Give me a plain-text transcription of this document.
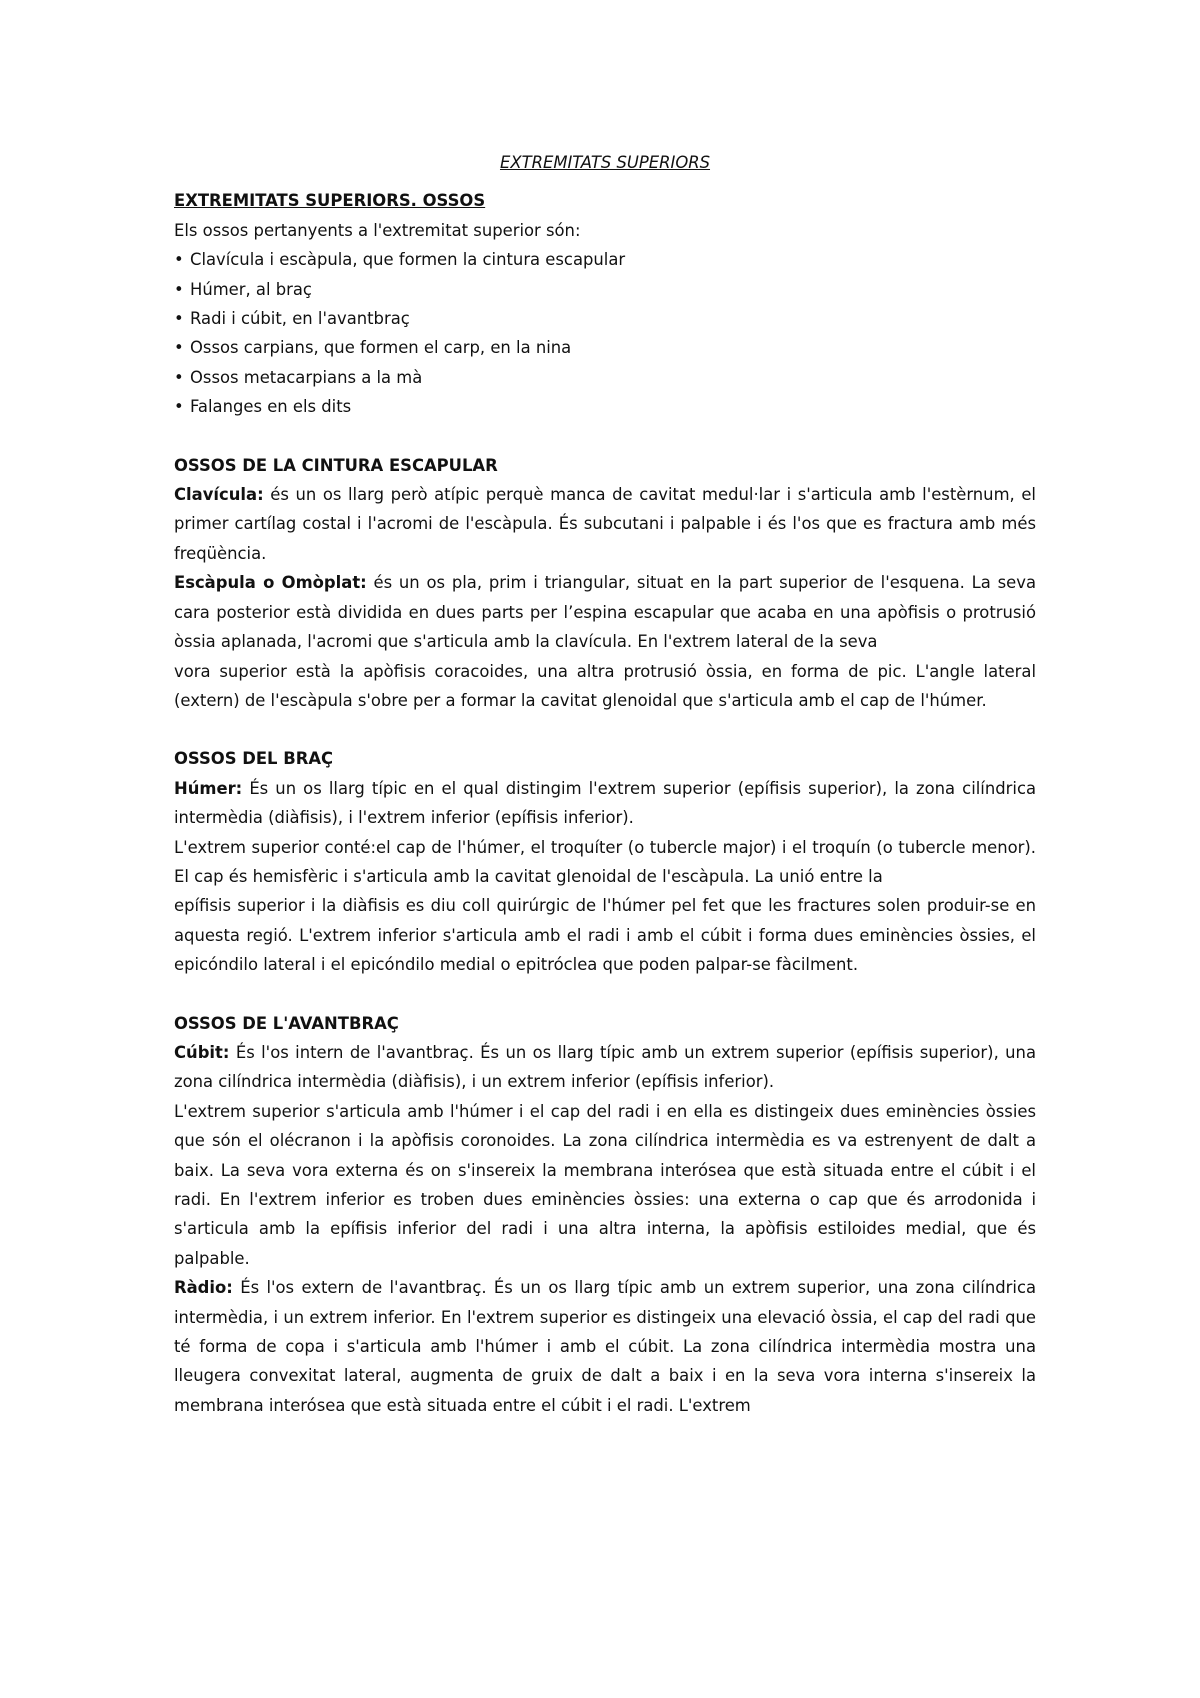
EXTREMITATS SUPERIORS
EXTREMITATS SUPERIORS. OSSOS

Els ossos pertanyents a l'extremitat superior són:

• Clavícula i escàpula, que formen la cintura escapular
• Húmer, al braç
• Radi i cúbit, en l'avantbraç
• Ossos carpians, que formen el carp, en la nina
• Ossos metacarpians a la mà
• Falanges en els dits
OSSOS DE LA CINTURA ESCAPULAR

Clavícula: és un os llarg però atípic perquè manca de cavitat medul·lar i s'articula amb l'estèrnum, el primer cartílag costal i l'acromi de l'escàpula. És subcutani i palpable i és l'os que es fractura amb més freqüència.

Escàpula o Omòplat: és un os pla, prim i triangular, situat en la part superior de l'esquena. La seva cara posterior està dividida en dues parts per l’espina escapular que acaba en una apòfisis o protrusió òssia aplanada, l'acromi que s'articula amb la clavícula. En l'extrem lateral de la seva

vora superior està la apòfisis coracoides, una altra protrusió òssia, en forma de pic. L'angle lateral (extern) de l'escàpula s'obre per a formar la cavitat glenoidal que s'articula amb el cap de l'húmer.

OSSOS DEL BRAÇ

Húmer: És un os llarg típic en el qual distingim l'extrem superior (epífisis superior), la zona cilíndrica intermèdia (diàfisis), i l'extrem inferior (epífisis inferior).

L'extrem superior conté:el cap de l'húmer, el troquíter (o tubercle major) i el troquín (o tubercle menor). El cap és hemisfèric i s'articula amb la cavitat glenoidal de l'escàpula. La unió entre la

epífisis superior i la diàfisis es diu coll quirúrgic de l'húmer pel fet que les fractures solen produir-se en aquesta regió. L'extrem inferior s'articula amb el radi i amb el cúbit i forma dues eminències òssies, el epicóndilo lateral i el epicóndilo medial o epitróclea que poden palpar-se fàcilment.

OSSOS DE L'AVANTBRAÇ

Cúbit: És l'os intern de l'avantbraç. És un os llarg típic amb un extrem superior (epífisis superior), una zona cilíndrica intermèdia (diàfisis), i un extrem inferior (epífisis inferior).

L'extrem superior s'articula amb l'húmer i el cap del radi i en ella es distingeix dues eminències òssies que són el olécranon i la apòfisis coronoides. La zona cilíndrica intermèdia es va estrenyent de dalt a baix. La seva vora externa és on s'insereix la membrana interósea que està situada entre el cúbit i el radi. En l'extrem inferior es troben dues eminències òssies: una externa o cap que és arrodonida i s'articula amb la epífisis inferior del radi i una altra interna, la apòfisis estiloides medial, que és palpable.

Ràdio: És l'os extern de l'avantbraç. És un os llarg típic amb un extrem superior, una zona cilíndrica intermèdia, i un extrem inferior. En l'extrem superior es distingeix una elevació òssia, el cap del radi que té forma de copa i s'articula amb l'húmer i amb el cúbit. La zona cilíndrica intermèdia mostra una lleugera convexitat lateral, augmenta de gruix de dalt a baix i en la seva vora interna s'insereix la membrana interósea que està situada entre el cúbit i el radi. L'extrem
